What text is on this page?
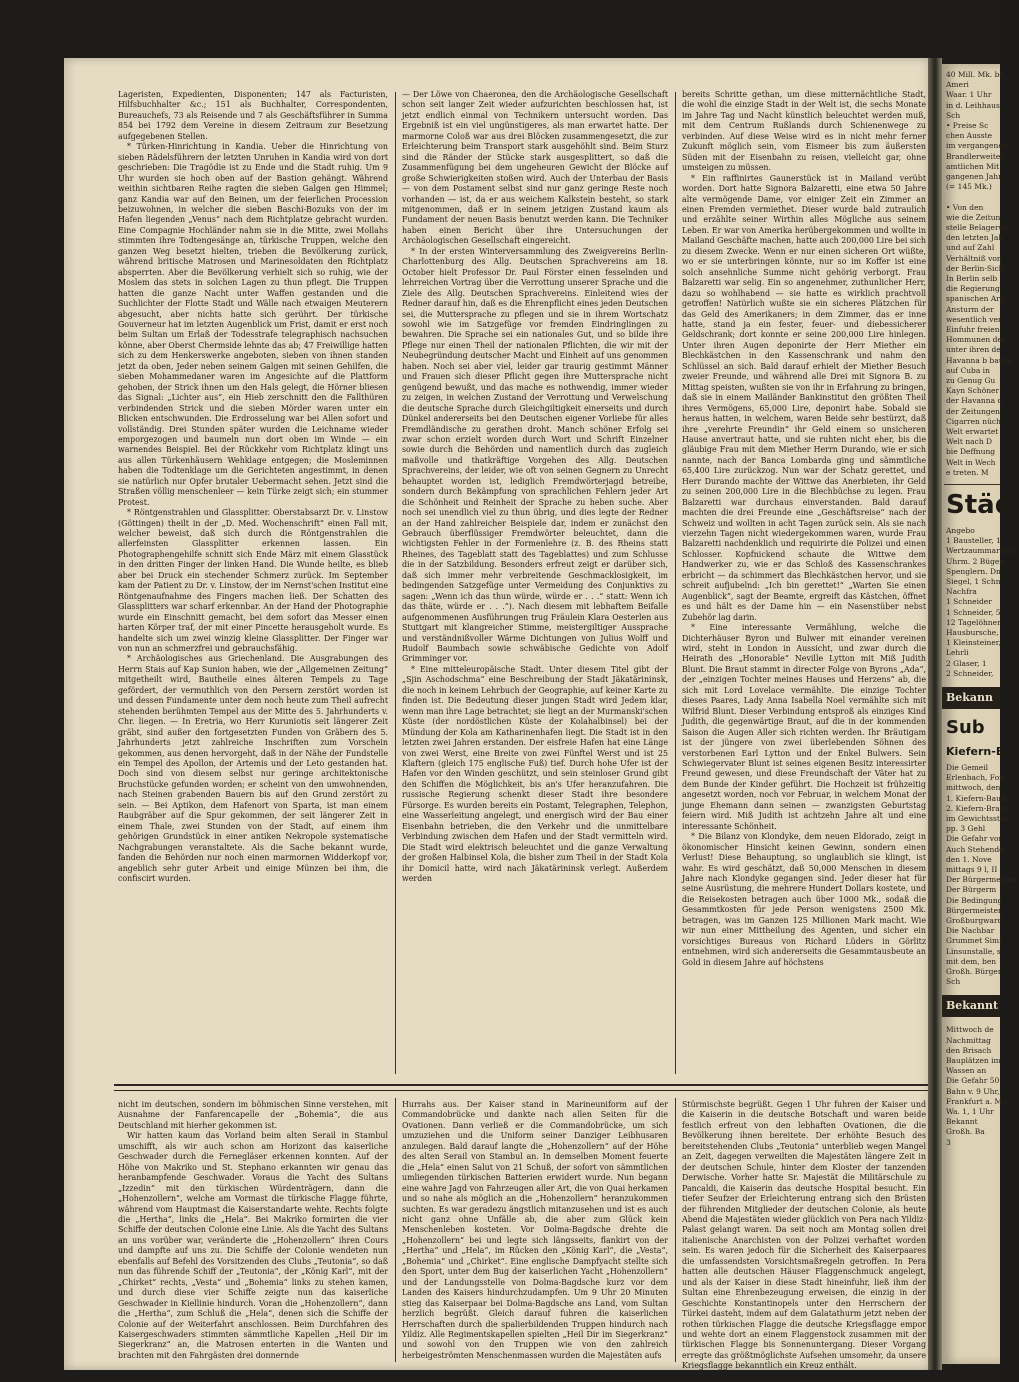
Lageristen, Expedienten, Disponenten; 147 als Facturisten, Hilfsbuchhalter &c.; 151 als Buchhalter, Correspondenten, Bureauchefs, 73 als Reisende und 7 als Geschäftsführer in Summa 854 bei 1792 dem Vereine in diesem Zeitraum zur Besetzung aufgegebenen Stellen.

* Türken-Hinrichtung in Kandia. Ueber die Hinrichtung von sieben Rädelsführern der letzten Unruhen in Kandia wird von dort geschrieben: Die Tragödie ist zu Ende und die Stadt ruhig. Um 9 Uhr wurden sie hoch oben auf der Bastion gehängt. Während weithin sichtbaren Reihe ragten die sieben Galgen gen Himmel; ganz Kandia war auf den Beinen, um der feierlichen Procession beizuwohnen, in welcher die sieben Baschi-Bozuks von der im Hafen liegenden „Venus“ nach dem Richtplatze gebracht wurden. Eine Compagnie Hochländer nahm sie in die Mitte, zwei Mollahs stimmten ihre Todtengesänge an, türkische Truppen, welche den ganzen Weg besetzt hielten, trieben die Bevölkerung zurück, während britische Matrosen und Marinesoldaten den Richtplatz absperrten. Aber die Bevölkerung verhielt sich so ruhig, wie der Moslem das stets in solchen Lagen zu thun pflegt. Die Truppen hatten die ganze Nacht unter Waffen gestanden und die Suchlichter der Flotte Stadt und Wälle nach etwaigen Meuterern abgesucht, aber nichts hatte sich gerührt. Der türkische Gouverneur hat im letzten Augenblick um Frist, damit er erst noch beim Sultan um Erlaß der Todesstrafe telegraphisch nachsuchen könne, aber Oberst Chermside lehnte das ab; 47 Freiwillige hatten sich zu dem Henkerswerke angeboten, sieben von ihnen standen jetzt da oben, Jeder neben seinem Galgen mit seinen Gehilfen, die sieben Mohammedaner waren im Angesichte auf die Plattform gehoben, der Strick ihnen um den Hals gelegt, die Hörner bliesen das Signal: „Lichter aus“, ein Hieb zerschnitt den die Fallthüren verbindenden Strick und die sieben Mörder waren unter ein Blicken entschwunden. Die Erdrosselung war bei Allen sofort und vollständig. Drei Stunden später wurden die Leichname wieder emporgezogen und baumeln nun dort oben im Winde — ein warnendes Beispiel. Bei der Rückkehr vom Richtplatz klingt uns aus allen Türkenhäusern Wehklage entgegen; die Mosleminnen haben die Todtenklage um die Gerichteten angestimmt, in denen sie natürlich nur Opfer brutaler Uebermacht sehen. Jetzt sind die Straßen völlig menschenleer — kein Türke zeigt sich; ein stummer Protest.

* Röntgenstrahlen und Glassplitter. Oberstabsarzt Dr. v. Linstow (Göttingen) theilt in der „D. Med. Wochenschrift“ einen Fall mit, welcher beweist, daß sich durch die Röntgenstrahlen die allerfeinsten Glassplitter erkennen lassen. Ein Photographengehilfe schnitt sich Ende März mit einem Glasstück in den dritten Finger der linken Hand. Die Wunde heilte, es blieb aber bei Druck ein stechender Schmerz zurück. Im September kam der Patient zu Dr. v. Linstow, der im Nernst'schen Institut eine Röntgenaufnahme des Fingers machen ließ. Der Schatten des Glassplitters war scharf erkennbar. An der Hand der Photographie wurde ein Einschnitt gemacht, bei dem sofort das Messer einen harten Körper traf, der mit einer Pincette herausgeholt wurde. Es handelte sich um zwei winzig kleine Glassplitter. Der Finger war von nun an schmerzfrei und gebrauchsfähig.

* Archäologisches aus Griechenland. Die Ausgrabungen des Herrn Stais auf Kap Sunion haben, wie der „Allgemeinen Zeitung“ mitgetheilt wird, Bautheile eines älteren Tempels zu Tage gefördert, der vermuthlich von den Persern zerstört worden ist und dessen Fundamente unter dem noch heute zum Theil aufrecht stehenden berühmten Tempel aus der Mitte des 5. Jahrhunderts v. Chr. liegen. — In Eretria, wo Herr Kuruniotis seit längerer Zeit gräbt, sind außer den fortgesetzten Funden von Gräbern des 5. Jahrhunderts jetzt zahlreiche Inschriften zum Vorschein gekommen, aus denen hervorgeht, daß in der Nähe der Fundstelle ein Tempel des Apollon, der Artemis und der Leto gestanden hat. Doch sind von diesem selbst nur geringe architektonische Bruchstücke gefunden worden; er scheint von den umwohnenden, nach Steinen grabenden Bauern bis auf den Grund zerstört zu sein. — Bei Aptikon, dem Hafenort von Sparta, ist man einem Raubgräber auf die Spur gekommen, der seit längerer Zeit in einem Thale, zwei Stunden von der Stadt, auf einem ihm gehörigen Grundstück in einer antiken Nekropole systematische Nachgrabungen veranstaltete. Als die Sache bekannt wurde, fanden die Behörden nur noch einen marmornen Widderkopf vor, angeblich sehr guter Arbeit und einige Münzen bei ihm, die confiscirt wurden.

— Der Löwe von Chaeronea, den die Archäologische Gesellschaft schon seit langer Zeit wieder aufzurichten beschlossen hat, ist jetzt endlich einmal von Technikern untersucht worden. Das Ergebniß ist ein viel ungünstigeres, als man erwartet hatte. Der marmorne Coloß war aus drei Blöcken zusammengesetzt, die zur Erleichterung beim Transport stark ausgehöhlt sind. Beim Sturz sind die Ränder der Stücke stark ausgesplittert, so daß die Zusammenfügung bei dem ungeheuren Gewicht der Blöcke auf große Schwierigkeiten stoßen wird. Auch der Unterbau der Basis — von dem Postament selbst sind nur ganz geringe Reste noch vorhanden — ist, da er aus weichem Kalkstein besteht, so stark mitgenommen, daß er in seinem jetzigen Zustand kaum als Fundament der neuen Basis benutzt werden kann. Die Techniker haben einen Bericht über ihre Untersuchungen der Archäologischen Gesellschaft eingereicht.

* In der ersten Winterversammlung des Zweigvereins Berlin-Charlottenburg des Allg. Deutschen Sprachvereins am 18. October hielt Professor Dr. Paul Förster einen fesselnden und lehrreichen Vortrag über die Verrottung unserer Sprache und die Ziele des Allg. Deutschen Sprachvereins. Einleitend wies der Redner darauf hin, daß es die Ehrenpflicht eines jeden Deutschen sei, die Muttersprache zu pflegen und sie in ihrem Wortschatz sowohl wie im Satzgefüge vor fremden Eindringlingen zu bewahren. Die Sprache sei ein nationales Gut, und so bilde ihre Pflege nur einen Theil der nationalen Pflichten, die wir mit der Neubegründung deutscher Macht und Einheit auf uns genommen haben. Noch sei aber viel, leider gar traurig gestimmt Männer und Frauen sich dieser Pflicht gegen ihre Muttersprache nicht genügend bewußt, und das mache es nothwendig, immer wieder zu zeigen, in welchen Zustand der Verrottung und Verwelschung die deutsche Sprache durch Gleichgiltigkeit einerseits und durch Dünkel andererseits bei den Deutschen eigener Vorliebe für alles Fremdländische zu gerathen droht. Manch schöner Erfolg sei zwar schon erzielt worden durch Wort und Schrift Einzelner sowie durch die Behörden und namentlich durch das zugleich maßvolle und thatkräftige Vorgehen des Allg. Deutschen Sprachvereins, der leider, wie oft von seinen Gegnern zu Unrecht behauptet worden ist, lediglich Fremdwörterjagd betreibe, sondern durch Bekämpfung von sprachlichen Fehlern jeder Art die Schönheit und Reinheit der Sprache zu heben suche. Aber noch sei unendlich viel zu thun übrig, und dies legte der Redner an der Hand zahlreicher Beispiele dar, indem er zunächst den Gebrauch überflüssiger Fremdwörter beleuchtet, dann die wichtigsten Fehler in der Formenlehre (z. B. des Rheins statt Rheines, des Tageblatt statt des Tageblattes) und zum Schlusse die in der Satzbildung. Besonders erfreut zeigt er darüber sich, daß sich immer mehr verbreitende Geschmacklosigkeit, im bedingenden Satzgefüge unter Vermeidung des Conjunktivs zu sagen: „Wenn ich das thun würde, würde er . . .“ statt: Wenn ich das thäte, würde er . . .“). Nach diesem mit lebhaftem Beifalle aufgenommenen Ausführungen trug Fräulein Klara Oesterlen aus Stuttgart mit klangreicher Stimme, meistergiltiger Aussprache und verständnißvoller Wärme Dichtungen von Julius Wolff und Rudolf Baumbach sowie schwäbische Gedichte von Adolf Grimminger vor.

* Eine mitteleuropäische Stadt. Unter diesem Titel gibt der „Sjin Aschodschma“ eine Beschreibung der Stadt Jäkatärininsk, die noch in keinem Lehrbuch der Geographie, auf keiner Karte zu finden ist. Die Bedeutung dieser jungen Stadt wird Jedem klar, wenn man ihre Lage betrachtet; sie liegt an der Murmanski'schen Küste (der nordöstlichen Küste der Kolahalbinsel) bei der Mündung der Kola am Katharinenhafen liegt. Die Stadt ist in den letzten zwei Jahren erstanden. Der eisfreie Hafen hat eine Länge von zwei Werst, eine Breite von zwei Fünftel Werst und ist 25 Klaftern (gleich 175 englische Fuß) tief. Durch hohe Ufer ist der Hafen vor den Winden geschützt, und sein steinloser Grund gibt den Schiffen die Möglichkeit, bis an's Ufer heranzufahren. Die russische Regierung schenkt dieser Stadt ihre besondere Fürsorge. Es wurden bereits ein Postamt, Telegraphen, Telephon, eine Wasserleitung angelegt, und energisch wird der Bau einer Eisenbahn betrieben, die den Verkehr und die unmittelbare Verbindung zwischen dem Hafen und der Stadt vermitteln wird. Die Stadt wird elektrisch beleuchtet und die ganze Verwaltung der großen Halbinsel Kola, die bisher zum Theil in der Stadt Kola ihr Domicil hatte, wird nach Jäkatärininsk verlegt. Außerdem werden

bereits Schritte gethan, um diese mitternächtliche Stadt, die wohl die einzige Stadt in der Welt ist, die sechs Monate im Jahre Tag und Nacht künstlich beleuchtet werden muß, mit dem Centrum Rußlands durch Schienenwege zu verbinden. Auf diese Weise wird es in nicht mehr ferner Zukunft möglich sein, vom Eismeer bis zum äußersten Süden mit der Eisenbahn zu reisen, vielleicht gar, ohne umsteigen zu müssen.

* Ein raffinirtes Gaunerstück ist in Mailand verübt worden. Dort hatte Signora Balzaretti, eine etwa 50 Jahre alte vermögende Dame, vor einiger Zeit ein Zimmer an einen Fremden vermiethet. Dieser wurde bald zutraulich und erzählte seiner Wirthin alles Mögliche aus seinem Leben. Er war von Amerika herübergekommen und wollte in Mailand Geschäfte machen, hatte auch 200,000 Lire bei sich zu diesem Zwecke. Wenn er nur einen sicheren Ort wüßte, wo er sie unterbringen könnte, nur so im Koffer ist eine solch ansehnliche Summe nicht gehörig verborgt. Frau Balzaretti war selig. Ein so angenehmer, zuthunlicher Herr, dazu so wohlhabend — sie hatte es wirklich prachtvoll getroffen! Natürlich wußte sie ein sicheres Plätzchen für das Geld des Amerikaners; in dem Zimmer, das er inne hatte, stand ja ein fester, feuer- und diebessicherer Geldschrank; dort konnte er seine 200,000 Lire hinlegen. Unter ihren Augen deponirte der Herr Miether ein Blechkästchen in den Kassenschrank und nahm den Schlüssel an sich. Bald darauf erhielt der Miether Besuch zweier Freunde, und während alle Drei mit Signora B. zu Mittag speisten, wußten sie von ihr in Erfahrung zu bringen, daß sie in einem Mailänder Bankinstitut den größten Theil ihres Vermögens, 65,000 Lire, deponirt habe. Sobald sie heraus hatten, in welchem, waren Beide sehr bestürzt, daß ihre „verehrte Freundin“ ihr Geld einem so unsicheren Hause anvertraut hatte, und sie ruhten nicht eher, bis die gläubige Frau mit dem Miether Herrn Durando, wie er sich nannte, nach der Banca Lombarda ging und sämmtliche 65,400 Lire zurückzog. Nun war der Schatz gerettet, und Herr Durando machte der Wittwe das Anerbieten, ihr Geld zu seinen 200,000 Lire in die Blechbüchse zu legen. Frau Balzaretti war durchaus einverstanden. Bald darauf machten die drei Freunde eine „Geschäftsreise“ nach der Schweiz und wollten in acht Tagen zurück sein. Als sie nach vierzehn Tagen nicht wiedergekommen waren, wurde Frau Balzaretti nachdenklich und requirirte die Polizei und einen Schlosser. Kopfnickend schaute die Wittwe dem Handwerker zu, wie er das Schloß des Kassenschrankes erbricht — da schimmert das Blechkästchen hervor, und sie schreit aufjubelnd: „Ich bin gerettet!“ „Warten Sie einen Augenblick“, sagt der Beamte, ergreift das Kästchen, öffnet es und hält es der Dame hin — ein Nasenstüber nebst Zubehör lag darin.

* Eine interessante Vermählung, welche die Dichterhäuser Byron und Bulwer mit einander vereinen wird, steht in London in Aussicht, und zwar durch die Heirath des „Honorable“ Neville Lytton mit Miß Judith Blunt. Die Braut stammt in directer Folge von Byrons „Ada“, der „einzigen Tochter meines Hauses und Herzens“ ab, die sich mit Lord Lovelace vermählte. Die einzige Tochter dieses Paares, Lady Anna Isabella Noel vermählte sich mit Wilfrid Blunt. Dieser Verbindung entsproß als einziges Kind Judith, die gegenwärtige Braut, auf die in der kommenden Saison die Augen Aller sich richten werden. Ihr Bräutigam ist der jüngere von zwei überlebenden Söhnen des verstorbenen Earl Lytton und der Enkel Bulwers. Sein Schwiegervater Blunt ist seines eigenen Besitz interessirter Freund gewesen, und diese Freundschaft der Väter hat zu dem Bunde der Kinder geführt. Die Hochzeit ist frühzeitig angesetzt worden, noch vor Februar, in welchem Monat der junge Ehemann dann seinen — zwanzigsten Geburtstag feiern wird. Miß Judith ist achtzehn Jahre alt und eine interessante Schönheit.

* Die Bilanz von Klondyke, dem neuen Eldorado, zeigt in ökonomischer Hinsicht keinen Gewinn, sondern einen Verlust! Diese Behauptung, so unglaublich sie klingt, ist wahr. Es wird geschätzt, daß 50,000 Menschen in diesem Jahre nach Klondyke gegangen sind. Jeder dieser hat für seine Ausrüstung, die mehrere Hundert Dollars kostete, und die Reisekosten betragen auch über 1000 Mk., sodaß die Gesammtkosten für jede Person wenigstens 2500 Mk. betragen, was im Ganzen 125 Millionen Mark macht. Wie wir nun einer Mittheilung des Agenten, und sicher ein vorsichtiges Bureaus von Richard Lüders in Görlitz entnehmen, wird sich andererseits die Gesammtausbeute an Gold in diesem Jahre auf höchstens

nicht im deutschen, sondern im böhmischen Sinne verstehen, mit Ausnahme der Fanfarencapelle der „Bohemia“, die aus Deutschland mit hierher gekommen ist.

Wir hatten kaum das Vorland beim alten Serail in Stambul umschifft, als wir auch schon am Horizont das kaiserliche Geschwader durch die Fernegläser erkennen konnten. Auf der Höhe von Makriko und St. Stephano erkannten wir genau das heranbampfende Geschwader. Voraus die Yacht des Sultans „Izzedin“ mit den türkischen Würdenträgern, dann die „Hohenzollern“, welche am Vormast die türkische Flagge führte, während vom Hauptmast die Kaiserstandarte wehte. Rechts folgte die „Hertha“, links die „Hela“. Bei Makriko formirten die vier Schiffe der deutschen Colonie eine Linie. Als die Yacht des Sultans an uns vorüber war, veränderte die „Hohenzollern“ ihren Cours und dampfte auf uns zu. Die Schiffe der Colonie wendeten nun ebenfalls auf Befehl des Vorsitzenden des Clubs „Teutonia“, so daß nun das führende Schiff der „Teutonia“, der „König Karl“, mit der „Chirket“ rechts, „Vesta“ und „Bohemia“ links zu stehen kamen, und durch diese vier Schiffe zeigte nun das kaiserliche Geschwader in Kiellinie hindurch. Voran die „Hohenzollern“, dann die „Hertha“, zum Schluß die „Hela“, denen sich die Schiffe der Colonie auf der Weiterfahrt anschlossen. Beim Durchfahren des Kaisergeschwaders stimmten sämmtliche Kapellen „Heil Dir im Siegerkranz“ an, die Matrosen enterten in die Wanten und brachten mit den Fahrgästen drei donnernde

Hurrahs aus. Der Kaiser stand in Marineuniform auf der Commandobrücke und dankte nach allen Seiten für die Ovationen. Dann verließ er die Commandobrücke, um sich umzuziehen und die Uniform seiner Danziger Leibhusaren anzulegen. Bald darauf langte die „Hohenzollern“ auf der Höhe des alten Serail von Stambul an. In demselben Moment feuerte die „Hela“ einen Salut von 21 Schuß, der sofort von sämmtlichen umliegenden türkischen Batterien erwidert wurde. Nun begann eine wahre Jagd von Fahrzeugen aller Art, die von Quai herkamen und so nahe als möglich an die „Hohenzollern“ heranzukommen suchten. Es war geradezu ängstlich mitanzusehen und ist es auch nicht ganz ohne Unfälle ab, die aber zum Glück kein Menschenleben kosteten. Vor Dolma-Bagdsche drehte die „Hohenzollern“ bei und legte sich längsseits, flankirt von der „Hertha“ und „Hela“, im Rücken den „König Karl“, die „Vesta“, „Bohemia“ und „Chirket“. Eine englische Dampfyacht stellte sich den Sport, unter dem Bug der kaiserlichen Yacht „Hohenzollern“ und der Landungsstelle von Dolma-Bagdsche kurz vor dem Landen des Kaisers hindurchzudampfen. Um 9 Uhr 20 Minuten stieg das Kaiserpaar bei Dolma-Bagdsche ans Land, vom Sultan herzlich begrüßt. Gleich darauf fuhren die kaiserlichen Herrschaften durch die spalierbildenden Truppen hindurch nach Yildiz. Alle Regimentskapellen spielten „Heil Dir im Siegerkranz“ und sowohl von den Truppen wie von den zahlreich herbeigeströmten Menschenmassen wurden die Majestäten aufs

Stürmischste begrüßt. Gegen 1 Uhr fuhren der Kaiser und die Kaiserin in die deutsche Botschaft und waren beide festlich erfreut von den lebhaften Ovationen, die die Bevölkerung ihnen bereitete. Der erhöhte Besuch des bereitstehenden Clubs „Teutonia“ unterblieb wegen Mangel an Zeit, dagegen verweilten die Majestäten längere Zeit in der deutschen Schule, hinter dem Kloster der tanzenden Derwische. Vorher hatte Sr. Majestät die Militärschule zu Pancaldi, die Kaiserin das deutsche Hospital besucht. Ein tiefer Seufzer der Erleichterung entrang sich den Brüsten der führenden Mitglieder der deutschen Colonie, als heute Abend die Majestäten wieder glücklich von Pera nach Yildiz-Palast gelangt waren. Da seit noch am Montag sollen drei italienische Anarchisten von der Polizei verhaftet worden sein. Es waren jedoch für die Sicherheit des Kaiserpaares die umfassendsten Vorsichtsmaßregeln getroffen. In Pera hatten alle deutschen Häuser Flaggenschmuck angelegt, und als der Kaiser in diese Stadt hineinfuhr, ließ ihm der Sultan eine Ehrenbezeugung erweisen, die einzig in der Geschichte Konstantinopels unter den Herrschern der Türkei dasteht, indem auf dem Galatathurm jetzt neben der rothen türkischen Flagge die deutsche Kriegsflagge empor und wehte dort an einem Flaggenstock zusammen mit der türkischen Flagge bis Sonnenuntergang. Dieser Vorgang erregte das größtmöglichste Aufsehen umsomehr, da unsere Kriegsflagge bekanntlich ein Kreuz enthält.

40 Mill. Mk. be
Ameri
Waar. 1 Uhr
in d. Leihhaus
Sch
• Preise Sc
chen Ausste
im vergangenen
Brandlerweiter
amtlichen Mit
gangenen Jahr
(= 145 Mk.)
• Von den
wie die Zeitun
stelle Belagerun
den letzten Jah
und auf Zahl
Verhältniß von
der Berlin-Sich
In Berlin selb
die Regierung
spanischen Arg
Ansturm der
wesentlich ver
Einfuhr freien
Hommunen der
unter ihren de
Havanna b bauge
auf Cuba in
zu Genug Gu
Kayn Schöner
der Havanna d
der Zeitungen
Cigarren nüch
Welt erwartet
Welt nach D
bie Deffnung
Welt in Wech
e treten. M
Städ
Angebo
1 Bausteller, 1
Wertzaummarstell
Uhrm. 2 Bügen
Spenglern. Dn
Siegel, 1 Schn
Nachfra
1 Schneider
1 Schneider, 5
12 Tagelöhner,
Hausbursche,
1 Kleinsteiner,
Lehrli
2 Glaser, 1
2 Schneider,
Bekann
Sub
Kiefern-Bau
Die Gemeil
Erlenbach, Fort
mittwoch, den
1. Kiefern-Baub
2. Kiefern-Brade
im Gewichtsstan
pp. 3 Gehl
Die Gefahr von
Auch Stehende
den 1. Nove
mittags 9 l, II
Der Bürgermeister
Der Bürgerm
Die Bedingung
Bürgermeister
Großburgward
Die Nachbar
Grummet Simi
Linsunstalle, s
mit dem, ben
Großh. Bürger
Sch
Bekannt
Mittwoch de
Nachmittag
den Brisach
Bauplätzen im
Wassen an
Die Gefahr 50
Bahn v. 9 Uhr,
Frankfurt a. M.,
Wa. 1, 1 Uhr
Bekannt
Großh. Ba
3
